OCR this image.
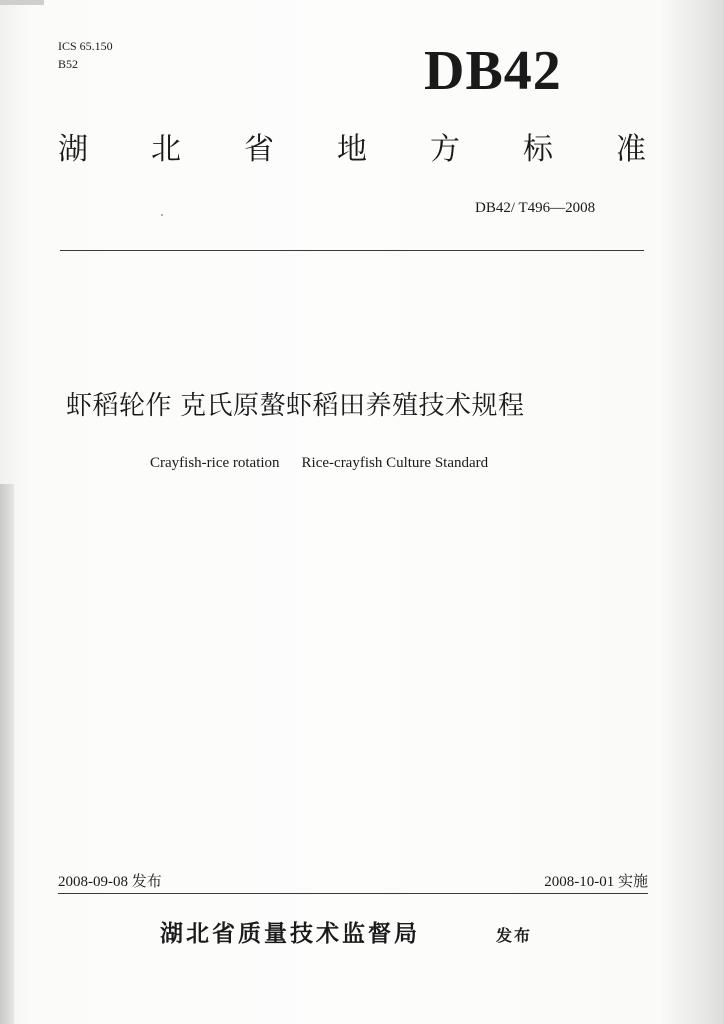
ICS 65.150
B52	DB42
湖 北 省 地 方 标 准
DB42/ T496—2008
虾稻轮作 克氏原螯虾稻田养殖技术规程
Crayfish-rice rotation Rice-crayfish Culture Standard
2008-09-08 发布	2008-10-01 实施
湖北省质量技术监督局	发布
